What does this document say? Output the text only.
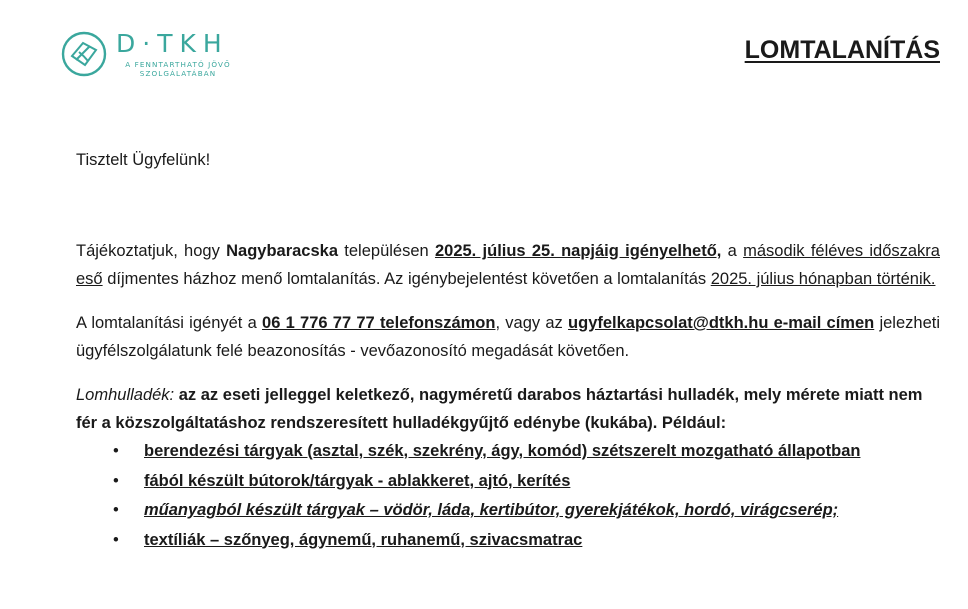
D·TKH
A FENNTARTHATÓ JÖVŐ
SZOLGÁLATÁBAN
LOMTALANÍTÁS

Tisztelt Ügyfelünk!

Tájékoztatjuk, hogy Nagybaracska településen 2025. július 25. napjáig igényelhető, a második féléves időszakra eső díjmentes házhoz menő lomtalanítás. Az igénybejelentést követően a lomtalanítás 2025. július hónapban történik.

A lomtalanítási igényét a 06 1 776 77 77 telefonszámon, vagy az ugyfelkapcsolat@dtkh.hu e-mail címen jelezheti ügyfélszolgálatunk felé beazonosítás - vevőazonosító megadását követően.

Lomhulladék: az az eseti jelleggel keletkező, nagyméretű darabos háztartási hulladék, mely mérete miatt nem fér a közszolgáltatáshoz rendszeresített hulladékgyűjtő edénybe (kukába). Például:

• berendezési tárgyak (asztal, szék, szekrény, ágy, komód) szétszerelt mozgatható állapotban
• fából készült bútorok/tárgyak - ablakkeret, ajtó, kerítés
• műanyagból készült tárgyak – vödör, láda, kertibútor, gyerekjátékok, hordó, virágcserép;
• textíliák – szőnyeg, ágynemű, ruhanemű, szivacsmatrac
